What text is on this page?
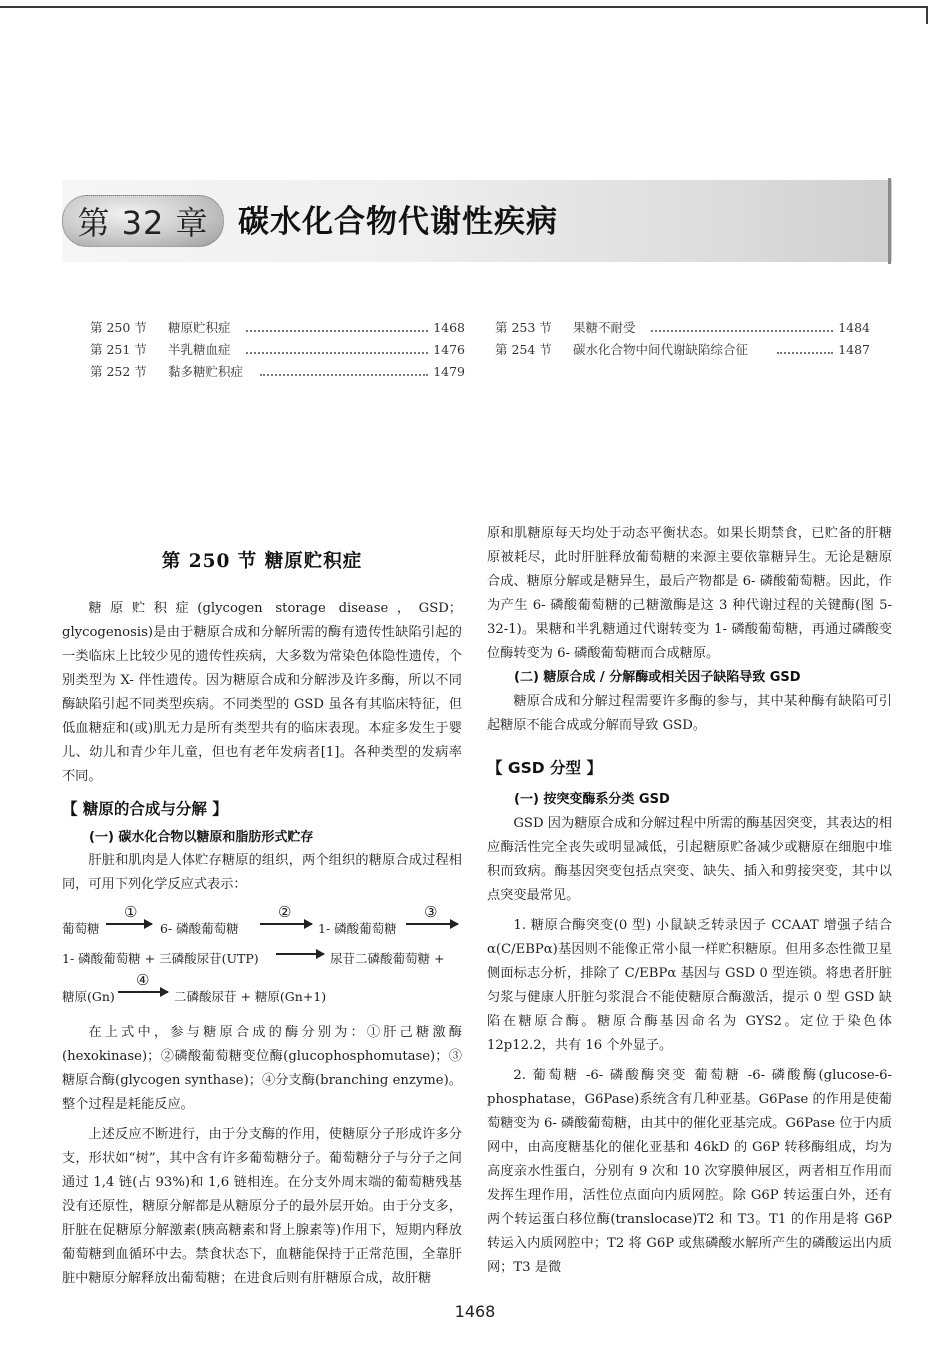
第 32 章 碳水化合物代谢性疾病
第 250 节 糖原贮积症	1468
第 251 节 半乳糖血症	1476
第 252 节 黏多糖贮积症	1479
第 253 节 果糖不耐受	1484
第 254 节 碳水化合物中间代谢缺陷综合征	1487
第 250 节 糖原贮积症

糖原贮积症(glycogen storage disease，GSD；glycogenosis)是由于糖原合成和分解所需的酶有遗传性缺陷引起的一类临床上比较少见的遗传性疾病，大多数为常染色体隐性遗传，个别类型为 X- 伴性遗传。因为糖原合成和分解涉及许多酶，所以不同酶缺陷引起不同类型疾病。不同类型的 GSD 虽各有其临床特征，但低血糖症和(或)肌无力是所有类型共有的临床表现。本症多发生于婴儿、幼儿和青少年儿童，但也有老年发病者[1]。各种类型的发病率不同。

【 糖原的合成与分解 】
(一) 碳水化合物以糖原和脂肪形式贮存

肝脏和肌肉是人体贮存糖原的组织，两个组织的糖原合成过程相同，可用下列化学反应式表示：

葡萄糖
①
→ 6- 磷酸葡萄糖
②
1- 磷酸葡萄糖
③
1- 磷酸葡萄糖 + 三磷酸尿苷(UTP) → 尿苷二磷酸葡萄糖 +
糖原(Gn)
④
→ 二磷酸尿苷 + 糖原(Gn+1)

在上式中，参与糖原合成的酶分别为：①肝己糖激酶(hexokinase)；②磷酸葡萄糖变位酶(glucophosphomutase)；③糖原合酶(glycogen synthase)；④分支酶(branching enzyme)。整个过程是耗能反应。

上述反应不断进行，由于分支酶的作用，使糖原分子形成许多分支，形状如“树”，其中含有许多葡萄糖分子。葡萄糖分子与分子之间通过 1,4 链(占 93%)和 1,6 链相连。在分支外周末端的葡萄糖残基没有还原性，糖原分解都是从糖原分子的最外层开始。由于分支多，肝脏在促糖原分解激素(胰高糖素和肾上腺素等)作用下，短期内释放葡萄糖到血循环中去。禁食状态下，血糖能保持于正常范围，全靠肝脏中糖原分解释放出葡萄糖；在进食后则有肝糖原合成，故肝糖

原和肌糖原每天均处于动态平衡状态。如果长期禁食，已贮备的肝糖原被耗尽，此时肝脏释放葡萄糖的来源主要依靠糖异生。无论是糖原合成、糖原分解或是糖异生，最后产物都是 6- 磷酸葡萄糖。因此，作为产生 6- 磷酸葡萄糖的己糖激酶是这 3 种代谢过程的关键酶(图 5-32-1)。果糖和半乳糖通过代谢转变为 1- 磷酸葡萄糖，再通过磷酸变位酶转变为 6- 磷酸葡萄糖而合成糖原。

(二) 糖原合成 / 分解酶或相关因子缺陷导致 GSD

糖原合成和分解过程需要许多酶的参与，其中某种酶有缺陷可引起糖原不能合成或分解而导致 GSD。

【 GSD 分型 】
(一) 按突变酶系分类 GSD

GSD 因为糖原合成和分解过程中所需的酶基因突变，其表达的相应酶活性完全丧失或明显减低，引起糖原贮备减少或糖原在细胞中堆积而致病。酶基因突变包括点突变、缺失、插入和剪接突变，其中以点突变最常见。

1. 糖原合酶突变(0 型) 小鼠缺乏转录因子 CCAAT 增强子结合 α(C/EBPα)基因则不能像正常小鼠一样贮积糖原。但用多态性微卫星侧面标志分析，排除了 C/EBPα 基因与 GSD 0 型连锁。将患者肝脏匀浆与健康人肝脏匀浆混合不能使糖原合酶激活，提示 0 型 GSD 缺陷在糖原合酶。糖原合酶基因命名为 GYS2。定位于染色体 12p12.2，共有 16 个外显子。

2. 葡萄糖 -6- 磷酸酶突变 葡萄糖 -6- 磷酸酶(glucose-6-phosphatase，G6Pase)系统含有几种亚基。G6Pase 的作用是使葡萄糖变为 6- 磷酸葡萄糖，由其中的催化亚基完成。G6Pase 位于内质网中，由高度糖基化的催化亚基和 46kD 的 G6P 转移酶组成，均为高度亲水性蛋白，分别有 9 次和 10 次穿膜伸展区，两者相互作用而发挥生理作用，活性位点面向内质网腔。除 G6P 转运蛋白外，还有两个转运蛋白移位酶(translocase)T2 和 T3。T1 的作用是将 G6P 转运入内质网腔中；T2 将 G6P 或焦磷酸水解所产生的磷酸运出内质网；T3 是微

1468
